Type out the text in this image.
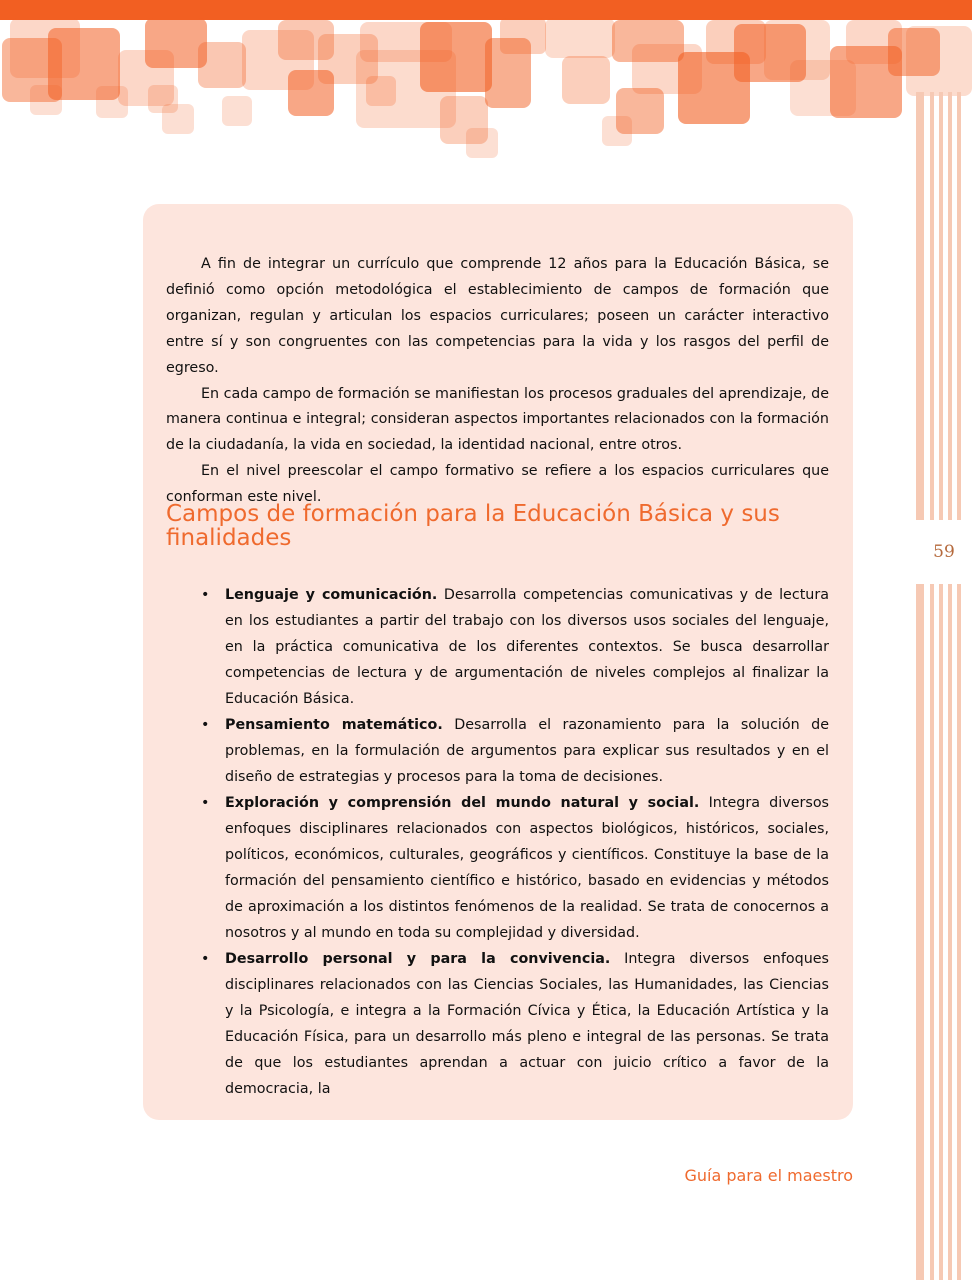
59

A fin de integrar un currículo que comprende 12 años para la Educación Básica, se definió como opción metodológica el establecimiento de campos de formación que organizan, regulan y articulan los espacios curriculares; poseen un carácter interactivo entre sí y son congruentes con las competencias para la vida y los rasgos del perfil de egreso.

En cada campo de formación se manifiestan los procesos graduales del aprendizaje, de manera continua e integral; consideran aspectos importantes relacionados con la formación de la ciudadanía, la vida en sociedad, la identidad nacional, entre otros.

En el nivel preescolar el campo formativo se refiere a los espacios curriculares que conforman este nivel.

Campos de formación para la Educación Básica y sus finalidades
• Lenguaje y comunicación. Desarrolla competencias comunicativas y de lectura en los estudiantes a partir del trabajo con los diversos usos sociales del lenguaje, en la práctica comunicativa de los diferentes contextos. Se busca desarrollar competencias de lectura y de argumentación de niveles complejos al finalizar la Educación Básica.
• Pensamiento matemático. Desarrolla el razonamiento para la solución de problemas, en la formulación de argumentos para explicar sus resultados y en el diseño de estrategias y procesos para la toma de decisiones.
• Exploración y comprensión del mundo natural y social. Integra diversos enfoques disciplinares relacionados con aspectos biológicos, históricos, sociales, políticos, económicos, culturales, geográficos y científicos. Constituye la base de la formación del pensamiento científico e histórico, basado en evidencias y métodos de aproximación a los distintos fenómenos de la realidad. Se trata de conocernos a nosotros y al mundo en toda su complejidad y diversidad.
• Desarrollo personal y para la convivencia. Integra diversos enfoques disciplinares relacionados con las Ciencias Sociales, las Humanidades, las Ciencias y la Psicología, e integra a la Formación Cívica y Ética, la Educación Artística y la Educación Física, para un desarrollo más pleno e integral de las personas. Se trata de que los estudiantes aprendan a actuar con juicio crítico a favor de la democracia, la
Guía para el maestro
